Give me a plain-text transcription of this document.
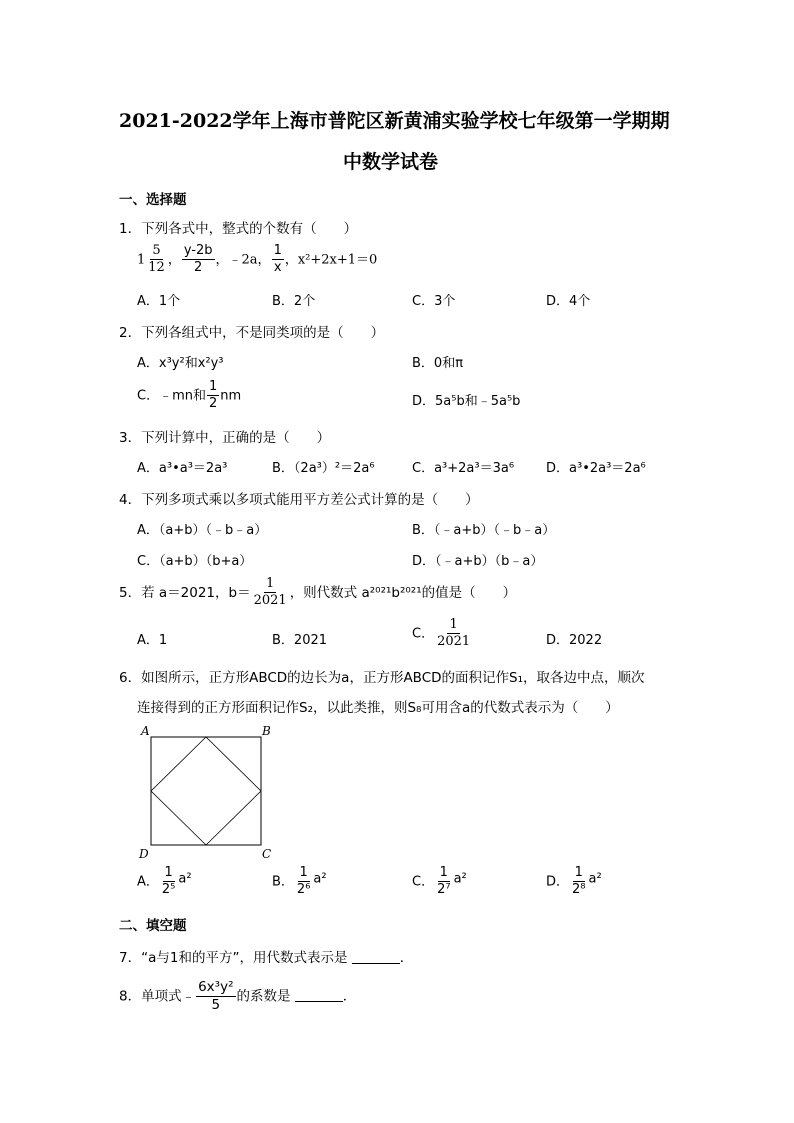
2021-2022学年上海市普陀区新黄浦实验学校七年级第一学期期
中数学试卷
一、选择题
1．下列各式中，整式的个数有（　　）
$1 \frac{5}{12}$ ， $\frac{y-2b}{2}$ ，﹣2a， $\frac{1}{x}$ ，x²+2x+1＝0
A．1个	B．2个	C．3个	D．4个
2．下列各组式中，不是同类项的是（　　）
A．x³y²和x²y³	B．0和π
C．﹣mn和 $\frac{1}{2}$ nm	D．5a⁵b和﹣5a⁵b
3．下列计算中，正确的是（　　）
A．a³•a³＝2a³	B．（2a³）²＝2a⁶	C．a³+2a³＝3a⁶ D．a³•2a³＝2a⁶
4．下列多项式乘以多项式能用平方差公式计算的是（　　）
A．（a+b）（﹣b﹣a）	B．（﹣a+b）（﹣b﹣a）
C．（a+b）（b+a）	D．（﹣a+b）（b﹣a）
5．若 a＝2021，$b= \frac{1}{2021}$ ，则代数式 a²⁰²¹b²⁰²¹的值是（　　）
A．1	B．2021	C． $\frac{1}{2021}$	D．2022
6．如图所示，正方形ABCD的边长为a，正方形ABCD的面积记作S₁，取各边中点，顺次
连接得到的正方形面积记作S₂，以此类推，则S₈可用含a的代数式表示为（　　）
A	B
C
D
A． $\frac{1}{\text{2⁵}} a^2$	B． $\frac{1}{\text{2⁶}} a^2$	C． $\frac{1}{\text{2⁷}} a^2$	D． $\frac{1}{\text{2⁸}} a^2$
二、填空题
7．“a与1和的平方”，用代数式表示是	．
8．单项式﹣ $\frac{\text{6x³y²}}{5}$ 的系数是	．
